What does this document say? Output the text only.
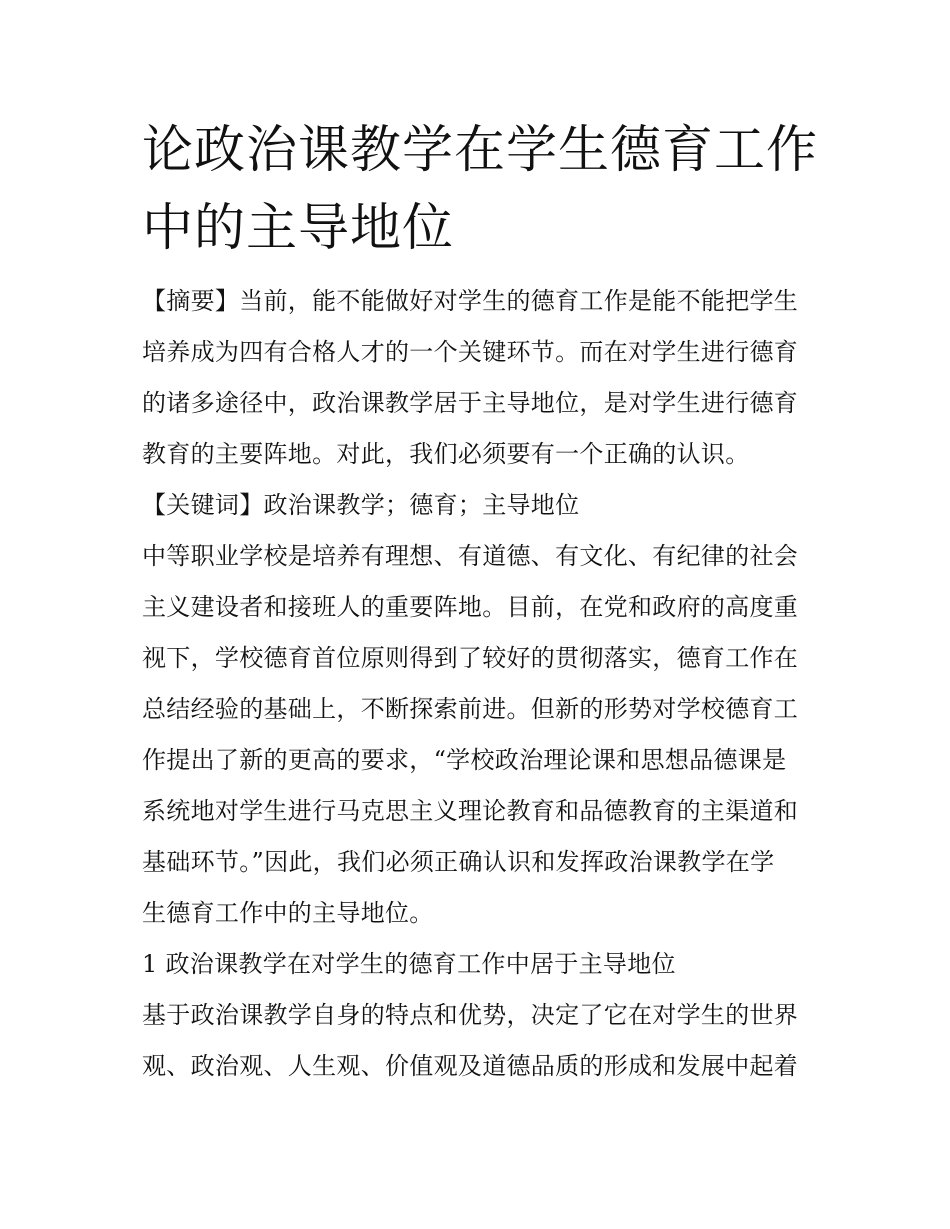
论政治课教学在学生德育工作
中的主导地位
【摘要】当前，能不能做好对学生的德育工作是能不能把学生
培养成为四有合格人才的一个关键环节。而在对学生进行德育
的诸多途径中，政治课教学居于主导地位，是对学生进行德育
教育的主要阵地。对此，我们必须要有一个正确的认识。
【关键词】政治课教学；德育；主导地位
中等职业学校是培养有理想、有道德、有文化、有纪律的社会
主义建设者和接班人的重要阵地。目前，在党和政府的高度重
视下，学校德育首位原则得到了较好的贯彻落实，德育工作在
总结经验的基础上，不断探索前进。但新的形势对学校德育工
作提出了新的更高的要求，“学校政治理论课和思想品德课是
系统地对学生进行马克思主义理论教育和品德教育的主渠道和
基础环节。”因此，我们必须正确认识和发挥政治课教学在学
生德育工作中的主导地位。
1 政治课教学在对学生的德育工作中居于主导地位
基于政治课教学自身的特点和优势，决定了它在对学生的世界
观、政治观、人生观、价值观及道德品质的形成和发展中起着
